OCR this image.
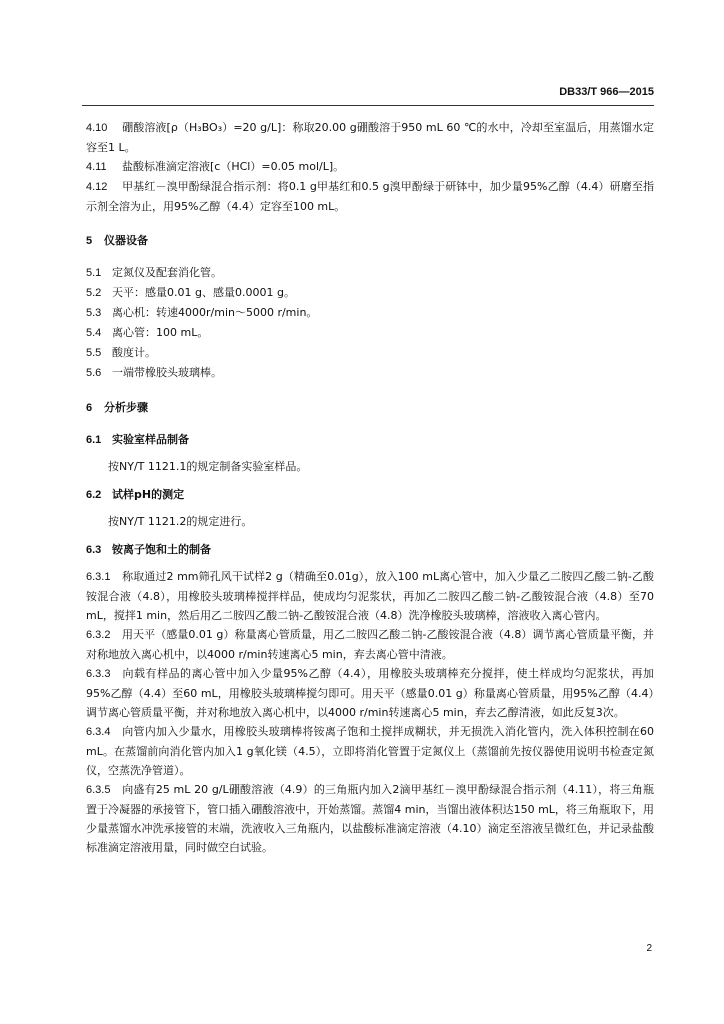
DB33/T 966—2015

4.10 硼酸溶液[ρ（H₃BO₃）=20 g/L]：称取20.00 g硼酸溶于950 mL 60 ℃的水中，冷却至室温后，用蒸馏水定容至1 L。

4.11 盐酸标准滴定溶液[c（HCl）=0.05 mol/L]。

4.12 甲基红－溴甲酚绿混合指示剂：将0.1 g甲基红和0.5 g溴甲酚绿于研钵中，加少量95%乙醇（4.4）研磨至指示剂全溶为止，用95%乙醇（4.4）定容至100 mL。

5 仪器设备

5.1 定氮仪及配套消化管。

5.2 天平：感量0.01 g、感量0.0001 g。

5.3 离心机：转速4000r/min～5000 r/min。

5.4 离心管：100 mL。

5.5 酸度计。

5.6 一端带橡胶头玻璃棒。

6 分析步骤

6.1 实验室样品制备

按NY/T 1121.1的规定制备实验室样品。

6.2 试样pH的测定

按NY/T 1121.2的规定进行。

6.3 铵离子饱和土的制备

6.3.1 称取通过2 mm筛孔风干试样2 g（精确至0.01g），放入100 mL离心管中，加入少量乙二胺四乙酸二钠-乙酸铵混合液（4.8），用橡胶头玻璃棒搅拌样品，使成均匀泥浆状，再加乙二胺四乙酸二钠-乙酸铵混合液（4.8）至70 mL，搅拌1 min，然后用乙二胺四乙酸二钠-乙酸铵混合液（4.8）洗净橡胶头玻璃棒，溶液收入离心管内。

6.3.2 用天平（感量0.01 g）称量离心管质量，用乙二胺四乙酸二钠-乙酸铵混合液（4.8）调节离心管质量平衡，并对称地放入离心机中，以4000 r/min转速离心5 min，弃去离心管中清液。

6.3.3 向载有样品的离心管中加入少量95%乙醇（4.4），用橡胶头玻璃棒充分搅拌，使土样成均匀泥浆状，再加95%乙醇（4.4）至60 mL，用橡胶头玻璃棒搅匀即可。用天平（感量0.01 g）称量离心管质量，用95%乙醇（4.4）调节离心管质量平衡，并对称地放入离心机中，以4000 r/min转速离心5 min，弃去乙醇清液，如此反复3次。

6.3.4 向管内加入少量水，用橡胶头玻璃棒将铵离子饱和土搅拌成糊状，并无损洗入消化管内，洗入体积控制在60 mL。在蒸馏前向消化管内加入1 g氧化镁（4.5），立即将消化管置于定氮仪上（蒸馏前先按仪器使用说明书检查定氮仪，空蒸洗净管道）。

6.3.5 向盛有25 mL 20 g/L硼酸溶液（4.9）的三角瓶内加入2滴甲基红－溴甲酚绿混合指示剂（4.11），将三角瓶置于冷凝器的承接管下，管口插入硼酸溶液中，开始蒸馏。蒸馏4 min，当馏出液体积达150 mL，将三角瓶取下，用少量蒸馏水冲洗承接管的末端，洗液收入三角瓶内，以盐酸标准滴定溶液（4.10）滴定至溶液呈微红色，并记录盐酸标准滴定溶液用量，同时做空白试验。

2
